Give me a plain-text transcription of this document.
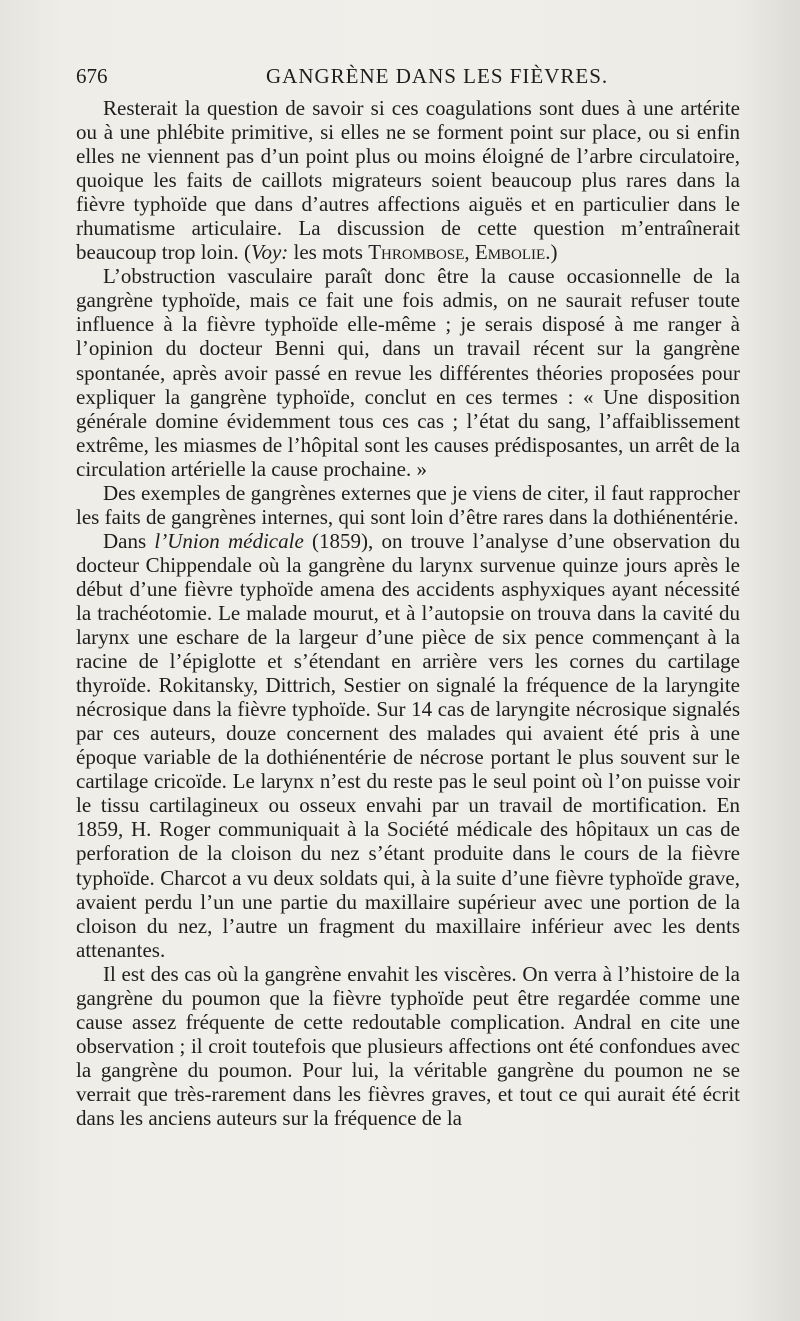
676	GANGRÈNE DANS LES FIÈVRES.

Resterait la question de savoir si ces coagulations sont dues à une artérite ou à une phlébite primitive, si elles ne se forment point sur place, ou si enfin elles ne viennent pas d’un point plus ou moins éloigné de l’arbre circulatoire, quoique les faits de caillots migrateurs soient beaucoup plus rares dans la fièvre typhoïde que dans d’autres affections aiguës et en particulier dans le rhumatisme articulaire. La discussion de cette question m’entraînerait beaucoup trop loin. (Voy: les mots Thrombose, Embolie.)

L’obstruction vasculaire paraît donc être la cause occasionnelle de la gangrène typhoïde, mais ce fait une fois admis, on ne saurait refuser toute influence à la fièvre typhoïde elle-même ; je serais disposé à me ranger à l’opinion du docteur Benni qui, dans un travail récent sur la gangrène spontanée, après avoir passé en revue les différentes théories proposées pour expliquer la gangrène typhoïde, conclut en ces termes : « Une disposition générale domine évidemment tous ces cas ; l’état du sang, l’affaiblissement extrême, les miasmes de l’hôpital sont les causes prédisposantes, un arrêt de la circulation artérielle la cause prochaine. »

Des exemples de gangrènes externes que je viens de citer, il faut rapprocher les faits de gangrènes internes, qui sont loin d’être rares dans la dothiénentérie.

Dans l’Union médicale (1859), on trouve l’analyse d’une observation du docteur Chippendale où la gangrène du larynx survenue quinze jours après le début d’une fièvre typhoïde amena des accidents asphyxiques ayant nécessité la trachéotomie. Le malade mourut, et à l’autopsie on trouva dans la cavité du larynx une eschare de la largeur d’une pièce de six pence commençant à la racine de l’épiglotte et s’étendant en arrière vers les cornes du cartilage thyroïde. Rokitansky, Dittrich, Sestier on signalé la fréquence de la laryngite nécrosique dans la fièvre typhoïde. Sur 14 cas de laryngite nécrosique signalés par ces auteurs, douze concernent des malades qui avaient été pris à une époque variable de la dothiénentérie de nécrose portant le plus souvent sur le cartilage cricoïde. Le larynx n’est du reste pas le seul point où l’on puisse voir le tissu cartilagineux ou osseux envahi par un travail de mortification. En 1859, H. Roger communiquait à la Société médicale des hôpitaux un cas de perforation de la cloison du nez s’étant produite dans le cours de la fièvre typhoïde. Charcot a vu deux soldats qui, à la suite d’une fièvre typhoïde grave, avaient perdu l’un une partie du maxillaire supérieur avec une portion de la cloison du nez, l’autre un fragment du maxillaire inférieur avec les dents attenantes.

Il est des cas où la gangrène envahit les viscères. On verra à l’histoire de la gangrène du poumon que la fièvre typhoïde peut être regardée comme une cause assez fréquente de cette redoutable complication. Andral en cite une observation ; il croit toutefois que plusieurs affections ont été confondues avec la gangrène du poumon. Pour lui, la véritable gangrène du poumon ne se verrait que très-rarement dans les fièvres graves, et tout ce qui aurait été écrit dans les anciens auteurs sur la fréquence de la
